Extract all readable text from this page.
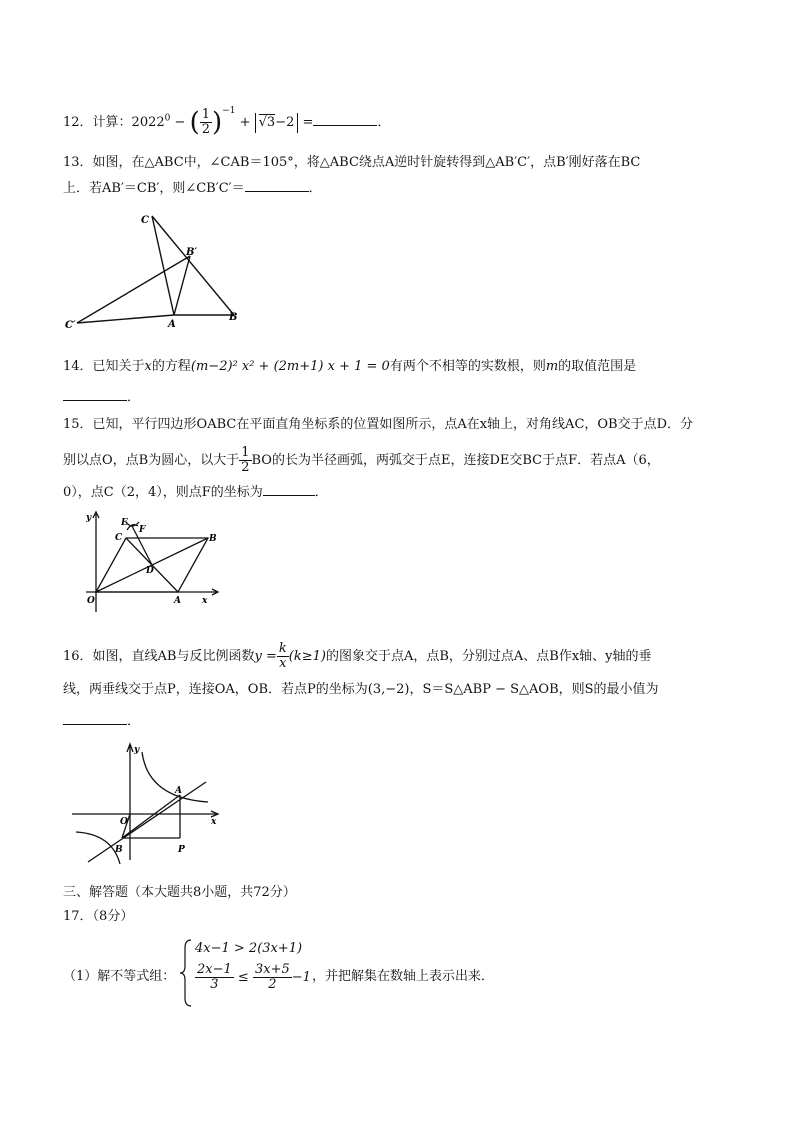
12．计算：$2022^0$ − ( $\frac{1}{2} )^{-1} + √3-2$ =	．
13．如图，在△ABC中，∠CAB＝105°，将△ABC绕点A逆时针旋转得到△AB′C′，点B′刚好落在BC
上．若AB′＝CB′，则∠CB′C′＝	．
C
B′
C′	A
B
14．已知关于x的方程(m−2)² x² + (2m+1) x + 1 = 0有两个不相等的实数根，则m的取值范围是
．
15．已知，平行四边形OABC在平面直角坐标系的位置如图所示，点A在x轴上，对角线AC，OB交于点D．分
别以点O，点B为圆心，以大于 $\frac{1}{2}$ BO的长为半径画弧，两弧交于点E，连接DE交BC于点F．若点A（6，
0），点C（2，4），则点F的坐标为	．
y	E
F
C	B
D
O	A x
16．如图，直线AB与反比例函数$y = \frac{k}{x} (k\ge 1)$的图象交于点A，点B，分别过点A、点B作x轴、y轴的垂
线，两垂线交于点P，连接OA，OB．若点P的坐标为(3,−2)，S＝S△ABP − S△AOB，则S的最小值为
．
y
A
O	x
B	P
三、解答题（本大题共8小题，共72分）
17．（8分）
（1）解不等式组：
4x−1 > 2(3x+1)
$\frac{2x-1}{3} \le \frac{3x+5}{2} -1$ ，并把解集在数轴上表示出来．
